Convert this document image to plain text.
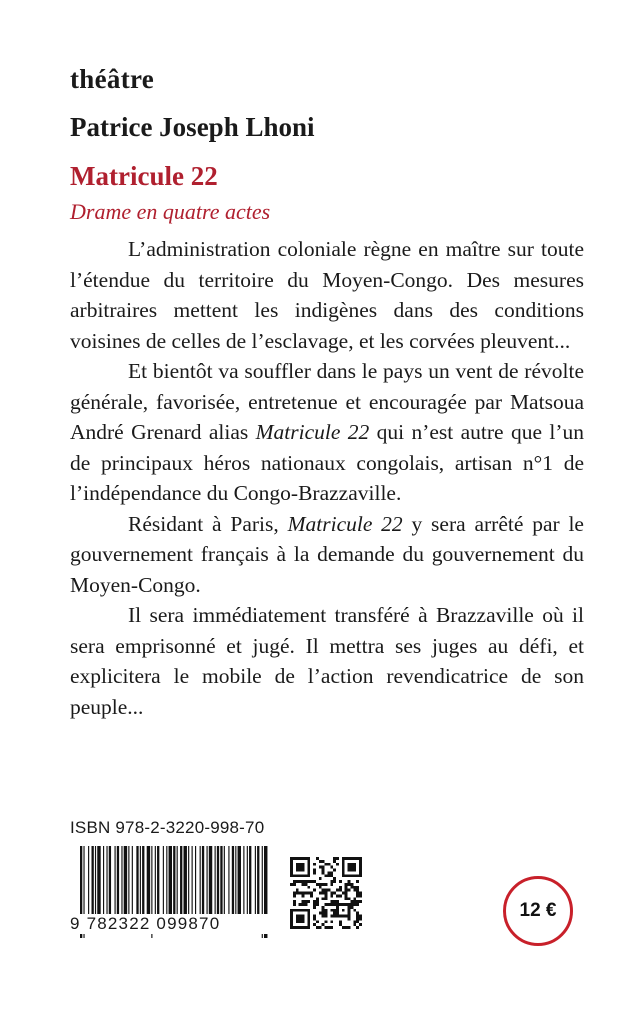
théâtre
Patrice Joseph Lhoni
Matricule 22
Drame en quatre actes

L’administration coloniale règne en maître sur toute l’étendue du territoire du Moyen-Congo. Des mesures arbitraires mettent les indigènes dans des conditions voisines de celles de l’esclavage, et les corvées pleuvent...

Et bientôt va souffler dans le pays un vent de révolte générale, favorisée, entretenue et encouragée par Matsoua André Grenard alias Matricule 22 qui n’est autre que l’un de principaux héros nationaux congolais, artisan n°1 de l’indépendance du Congo-Brazzaville.

Résidant à Paris, Matricule 22 y sera arrêté par le gouvernement français à la demande du gouvernement du Moyen-Congo.

Il sera immédiatement transféré à Brazzaville où il sera emprisonné et jugé. Il mettra ses juges au défi, et explicitera le mobile de l’action revendicatrice de son peuple...

ISBN 978-2-3220-998-70
9 782322 099870
12 €
